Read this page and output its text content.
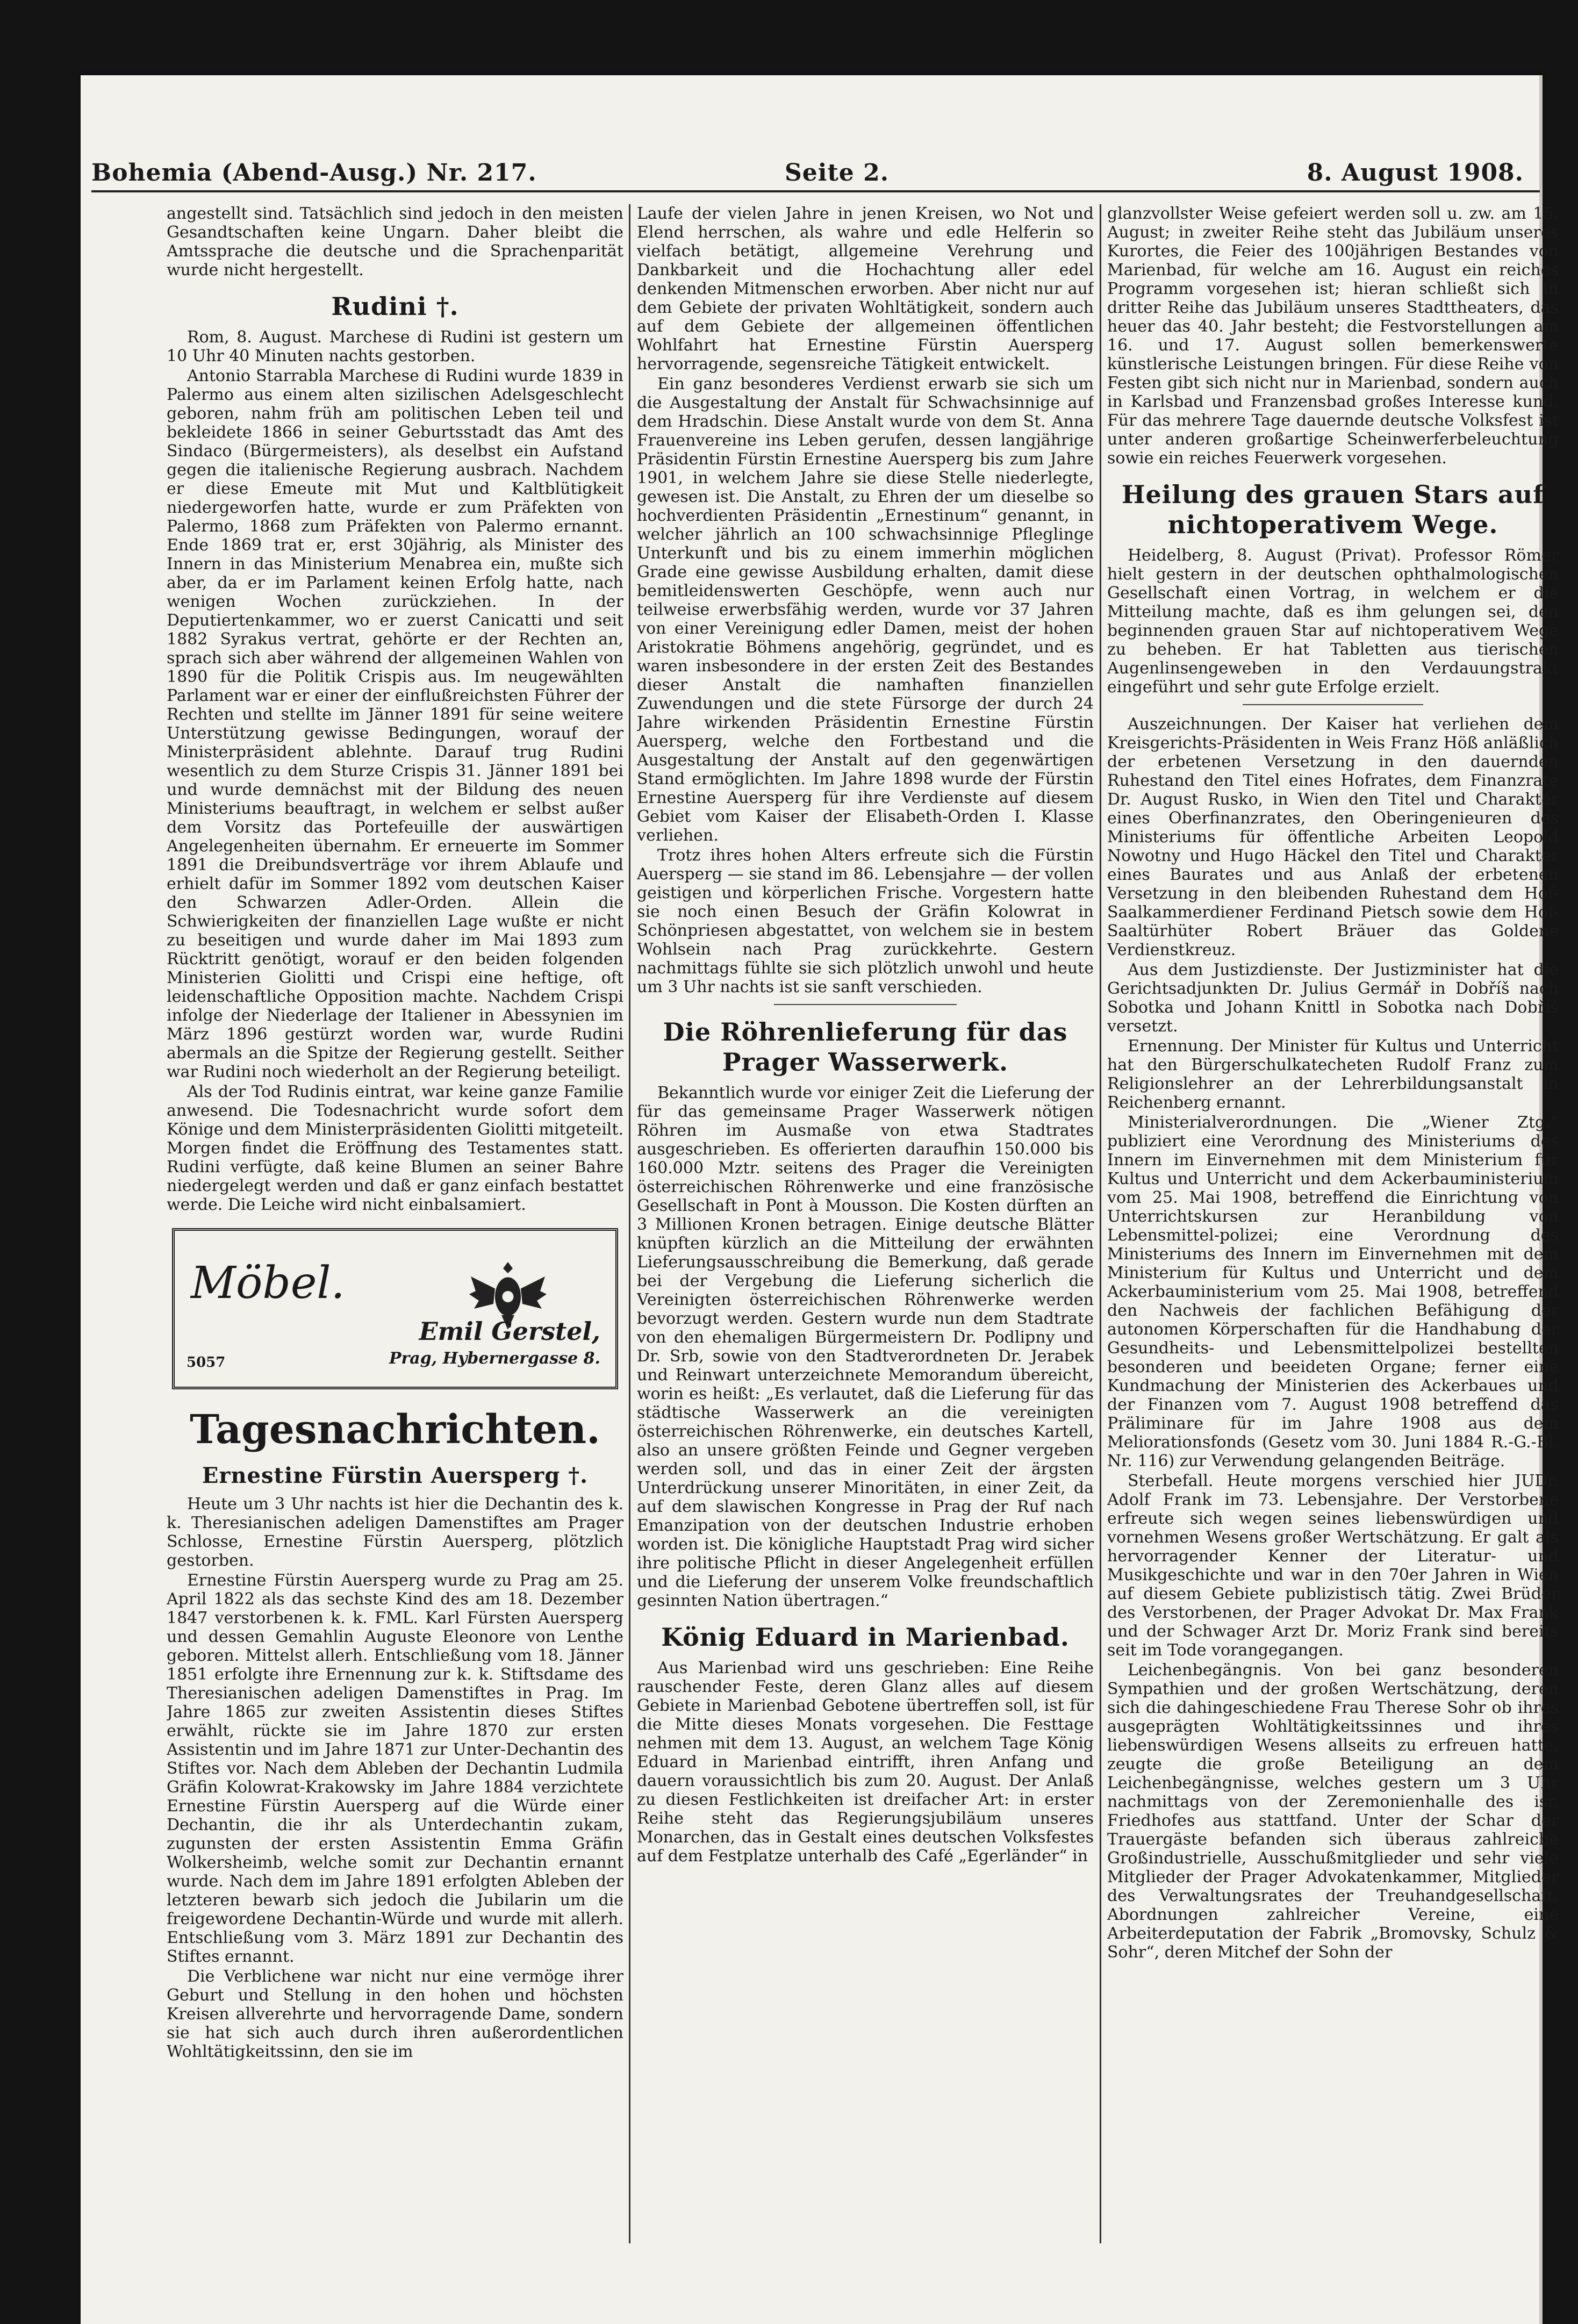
Bohemia (Abend-Ausg.) Nr. 217.	Seite 2.	8. August 1908.

angestellt sind. Tatsächlich sind jedoch in den meisten Gesandtschaften keine Ungarn. Daher bleibt die Amtssprache die deutsche und die Sprachenparität wurde nicht hergestellt.

Rudini †.

Rom, 8. August. Marchese di Rudini ist gestern um 10 Uhr 40 Minuten nachts gestorben.

Antonio Starrabla Marchese di Rudini wurde 1839 in Palermo aus einem alten sizilischen Adelsgeschlecht geboren, nahm früh am politischen Leben teil und bekleidete 1866 in seiner Geburtsstadt das Amt des Sindaco (Bürgermeisters), als deselbst ein Aufstand gegen die italienische Regierung ausbrach. Nachdem er diese Emeute mit Mut und Kaltblütigkeit niedergeworfen hatte, wurde er zum Präfekten von Palermo, 1868 zum Präfekten von Palermo ernannt. Ende 1869 trat er, erst 30jährig, als Minister des Innern in das Ministerium Menabrea ein, mußte sich aber, da er im Parlament keinen Erfolg hatte, nach wenigen Wochen zurückziehen. In der Deputiertenkammer, wo er zuerst Canicatti und seit 1882 Syrakus vertrat, gehörte er der Rechten an, sprach sich aber während der allgemeinen Wahlen von 1890 für die Politik Crispis aus. Im neugewählten Parlament war er einer der einflußreichsten Führer der Rechten und stellte im Jänner 1891 für seine weitere Unterstützung gewisse Bedingungen, worauf der Ministerpräsident ablehnte. Darauf trug Rudini wesentlich zu dem Sturze Crispis 31. Jänner 1891 bei und wurde demnächst mit der Bildung des neuen Ministeriums beauftragt, in welchem er selbst außer dem Vorsitz das Portefeuille der auswärtigen Angelegenheiten übernahm. Er erneuerte im Sommer 1891 die Dreibundsverträge vor ihrem Ablaufe und erhielt dafür im Sommer 1892 vom deutschen Kaiser den Schwarzen Adler-Orden. Allein die Schwierigkeiten der finanziellen Lage wußte er nicht zu beseitigen und wurde daher im Mai 1893 zum Rücktritt genötigt, worauf er den beiden folgenden Ministerien Giolitti und Crispi eine heftige, oft leidenschaftliche Opposition machte. Nachdem Crispi infolge der Niederlage der Italiener in Abessynien im März 1896 gestürzt worden war, wurde Rudini abermals an die Spitze der Regierung gestellt. Seither war Rudini noch wiederholt an der Regierung beteiligt.

Als der Tod Rudinis eintrat, war keine ganze Familie anwesend. Die Todesnachricht wurde sofort dem Könige und dem Ministerpräsidenten Giolitti mitgeteilt. Morgen findet die Eröffnung des Testamentes statt. Rudini verfügte, daß keine Blumen an seiner Bahre niedergelegt werden und daß er ganz einfach bestattet werde. Die Leiche wird nicht einbalsamiert.

Möbel.
Emil Gerstel,
Prag, Hybernergasse 8.
5057
Tagesnachrichten.
Ernestine Fürstin Auersperg †.

Heute um 3 Uhr nachts ist hier die Dechantin des k. k. Theresianischen adeligen Damenstiftes am Prager Schlosse, Ernestine Fürstin Auersperg, plötzlich gestorben.

Ernestine Fürstin Auersperg wurde zu Prag am 25. April 1822 als das sechste Kind des am 18. Dezember 1847 verstorbenen k. k. FML. Karl Fürsten Auersperg und dessen Gemahlin Auguste Eleonore von Lenthe geboren. Mittelst allerh. Entschließung vom 18. Jänner 1851 erfolgte ihre Ernennung zur k. k. Stiftsdame des Theresianischen adeligen Damenstiftes in Prag. Im Jahre 1865 zur zweiten Assistentin dieses Stiftes erwählt, rückte sie im Jahre 1870 zur ersten Assistentin und im Jahre 1871 zur Unter-Dechantin des Stiftes vor. Nach dem Ableben der Dechantin Ludmila Gräfin Kolowrat-Krakowsky im Jahre 1884 verzichtete Ernestine Fürstin Auersperg auf die Würde einer Dechantin, die ihr als Unterdechantin zukam, zugunsten der ersten Assistentin Emma Gräfin Wolkersheimb, welche somit zur Dechantin ernannt wurde. Nach dem im Jahre 1891 erfolgten Ableben der letzteren bewarb sich jedoch die Jubilarin um die freigewordene Dechantin-Würde und wurde mit allerh. Entschließung vom 3. März 1891 zur Dechantin des Stiftes ernannt.

Die Verblichene war nicht nur eine vermöge ihrer Geburt und Stellung in den hohen und höchsten Kreisen allverehrte und hervorragende Dame, sondern sie hat sich auch durch ihren außerordentlichen Wohltätigkeitssinn, den sie im

Laufe der vielen Jahre in jenen Kreisen, wo Not und Elend herrschen, als wahre und edle Helferin so vielfach betätigt, allgemeine Verehrung und Dankbarkeit und die Hochachtung aller edel denkenden Mitmenschen erworben. Aber nicht nur auf dem Gebiete der privaten Wohltätigkeit, sondern auch auf dem Gebiete der allgemeinen öffentlichen Wohlfahrt hat Ernestine Fürstin Auersperg hervorragende, segensreiche Tätigkeit entwickelt.

Ein ganz besonderes Verdienst erwarb sie sich um die Ausgestaltung der Anstalt für Schwachsinnige auf dem Hradschin. Diese Anstalt wurde von dem St. Anna Frauenvereine ins Leben gerufen, dessen langjährige Präsidentin Fürstin Ernestine Auersperg bis zum Jahre 1901, in welchem Jahre sie diese Stelle niederlegte, gewesen ist. Die Anstalt, zu Ehren der um dieselbe so hochverdienten Präsidentin „Ernestinum“ genannt, in welcher jährlich an 100 schwachsinnige Pfleglinge Unterkunft und bis zu einem immerhin möglichen Grade eine gewisse Ausbildung erhalten, damit diese bemitleidenswerten Geschöpfe, wenn auch nur teilweise erwerbsfähig werden, wurde vor 37 Jahren von einer Vereinigung edler Damen, meist der hohen Aristokratie Böhmens angehörig, gegründet, und es waren insbesondere in der ersten Zeit des Bestandes dieser Anstalt die namhaften finanziellen Zuwendungen und die stete Fürsorge der durch 24 Jahre wirkenden Präsidentin Ernestine Fürstin Auersperg, welche den Fortbestand und die Ausgestaltung der Anstalt auf den gegenwärtigen Stand ermöglichten. Im Jahre 1898 wurde der Fürstin Ernestine Auersperg für ihre Verdienste auf diesem Gebiet vom Kaiser der Elisabeth-Orden I. Klasse verliehen.

Trotz ihres hohen Alters erfreute sich die Fürstin Auersperg — sie stand im 86. Lebensjahre — der vollen geistigen und körperlichen Frische. Vorgestern hatte sie noch einen Besuch der Gräfin Kolowrat in Schönpriesen abgestattet, von welchem sie in bestem Wohlsein nach Prag zurückkehrte. Gestern nachmittags fühlte sie sich plötzlich unwohl und heute um 3 Uhr nachts ist sie sanft verschieden.

Die Röhrenlieferung für das Prager Wasserwerk.

Bekanntlich wurde vor einiger Zeit die Lieferung der für das gemeinsame Prager Wasserwerk nötigen Röhren im Ausmaße von etwa Stadtrates ausgeschrieben. Es offerierten daraufhin 150.000 bis 160.000 Mztr. seitens des Prager die Vereinigten österreichischen Röhrenwerke und eine französische Gesellschaft in Pont à Mousson. Die Kosten dürften an 3 Millionen Kronen betragen. Einige deutsche Blätter knüpften kürzlich an die Mitteilung der erwähnten Lieferungsausschreibung die Bemerkung, daß gerade bei der Vergebung die Lieferung sicherlich die Vereinigten österreichischen Röhrenwerke werden bevorzugt werden. Gestern wurde nun dem Stadtrate von den ehemaligen Bürgermeistern Dr. Podlipny und Dr. Srb, sowie von den Stadtverordneten Dr. Jerabek und Reinwart unterzeichnete Memorandum übereicht, worin es heißt: „Es verlautet, daß die Lieferung für das städtische Wasserwerk an die vereinigten österreichischen Röhrenwerke, ein deutsches Kartell, also an unsere größten Feinde und Gegner vergeben werden soll, und das in einer Zeit der ärgsten Unterdrückung unserer Minoritäten, in einer Zeit, da auf dem slawischen Kongresse in Prag der Ruf nach Emanzipation von der deutschen Industrie erhoben worden ist. Die königliche Hauptstadt Prag wird sicher ihre politische Pflicht in dieser Angelegenheit erfüllen und die Lieferung der unserem Volke freundschaftlich gesinnten Nation übertragen.“

König Eduard in Marienbad.

Aus Marienbad wird uns geschrieben: Eine Reihe rauschender Feste, deren Glanz alles auf diesem Gebiete in Marienbad Gebotene übertreffen soll, ist für die Mitte dieses Monats vorgesehen. Die Festtage nehmen mit dem 13. August, an welchem Tage König Eduard in Marienbad eintrifft, ihren Anfang und dauern voraussichtlich bis zum 20. August. Der Anlaß zu diesen Festlichkeiten ist dreifacher Art: in erster Reihe steht das Regierungsjubiläum unseres Monarchen, das in Gestalt eines deutschen Volksfestes auf dem Festplatze unterhalb des Café „Egerländer“ in

glanzvollster Weise gefeiert werden soll u. zw. am 15. August; in zweiter Reihe steht das Jubiläum unseres Kurortes, die Feier des 100jährigen Bestandes von Marienbad, für welche am 16. August ein reiches Programm vorgesehen ist; hieran schließt sich in dritter Reihe das Jubiläum unseres Stadttheaters, das heuer das 40. Jahr besteht; die Festvorstellungen am 16. und 17. August sollen bemerkenswerte künstlerische Leistungen bringen. Für diese Reihe von Festen gibt sich nicht nur in Marienbad, sondern auch in Karlsbad und Franzensbad großes Interesse kund. Für das mehrere Tage dauernde deutsche Volksfest ist unter anderen großartige Scheinwerferbeleuchtung sowie ein reiches Feuerwerk vorgesehen.

Heilung des grauen Stars auf nichtoperativem Wege.

Heidelberg, 8. August (Privat). Professor Römer hielt gestern in der deutschen ophthalmologischen Gesellschaft einen Vortrag, in welchem er die Mitteilung machte, daß es ihm gelungen sei, den beginnenden grauen Star auf nichtoperativem Wege zu beheben. Er hat Tabletten aus tierischen Augenlinsengeweben in den Verdauungstrakt eingeführt und sehr gute Erfolge erzielt.

Auszeichnungen. Der Kaiser hat verliehen dem Kreisgerichts-Präsidenten in Weis Franz Höß anläßlich der erbetenen Versetzung in den dauernden Ruhestand den Titel eines Hofrates, dem Finanzrate Dr. August Rusko, in Wien den Titel und Charakter eines Oberfinanzrates, den Oberingenieuren des Ministeriums für öffentliche Arbeiten Leopold Nowotny und Hugo Häckel den Titel und Charakter eines Baurates und aus Anlaß der erbetenen Versetzung in den bleibenden Ruhestand dem Hof-Saalkammerdiener Ferdinand Pietsch sowie dem Hof-Saaltürhüter Robert Bräuer das Goldene Verdienstkreuz.

Aus dem Justizdienste. Der Justizminister hat die Gerichtsadjunkten Dr. Julius Germář in Dobříš nach Sobotka und Johann Knittl in Sobotka nach Dobříš versetzt.

Ernennung. Der Minister für Kultus und Unterricht hat den Bürgerschulkatecheten Rudolf Franz zum Religionslehrer an der Lehrerbildungsanstalt in Reichenberg ernannt.

Ministerialverordnungen. Die „Wiener Ztg.“ publiziert eine Verordnung des Ministeriums des Innern im Einvernehmen mit dem Ministerium für Kultus und Unterricht und dem Ackerbauministerium vom 25. Mai 1908, betreffend die Einrichtung von Unterrichtskursen zur Heranbildung von Lebensmittel-polizei; eine Verordnung des Ministeriums des Innern im Einvernehmen mit dem Ministerium für Kultus und Unterricht und dem Ackerbauministerium vom 25. Mai 1908, betreffend den Nachweis der fachlichen Befähigung der autonomen Körperschaften für die Handhabung der Gesundheits- und Lebensmittelpolizei bestellten besonderen und beeideten Organe; ferner eine Kundmachung der Ministerien des Ackerbaues und der Finanzen vom 7. August 1908 betreffend das Präliminare für im Jahre 1908 aus dem Meliorationsfonds (Gesetz vom 30. Juni 1884 R.-G.-Bl. Nr. 116) zur Verwendung gelangenden Beiträge.

Sterbefall. Heute morgens verschied hier JUDr. Adolf Frank im 73. Lebensjahre. Der Verstorbene erfreute sich wegen seines liebenswürdigen und vornehmen Wesens großer Wertschätzung. Er galt als hervorragender Kenner der Literatur- und Musikgeschichte und war in den 70er Jahren in Wien auf diesem Gebiete publizistisch tätig. Zwei Brüder des Verstorbenen, der Prager Advokat Dr. Max Frank und der Schwager Arzt Dr. Moriz Frank sind bereits seit im Tode vorangegangen.

Leichenbegängnis. Von bei ganz besonderen Sympathien und der großen Wertschätzung, deren sich die dahingeschiedene Frau Therese Sohr ob ihres ausgeprägten Wohltätigkeitssinnes und ihres liebenswürdigen Wesens allseits zu erfreuen hatte, zeugte die große Beteiligung an dem Leichenbegängnisse, welches gestern um 3 Uhr nachmittags von der Zeremonienhalle des isr. Friedhofes aus stattfand. Unter der Schar der Trauergäste befanden sich überaus zahlreiche Großindustrielle, Ausschußmitglieder und sehr viele Mitglieder der Prager Advokatenkammer, Mitglieder des Verwaltungsrates der Treuhandgesellschaft, Abordnungen zahlreicher Vereine, eine Arbeiterdeputation der Fabrik „Bromovsky, Schulz & Sohr“, deren Mitchef der Sohn der
